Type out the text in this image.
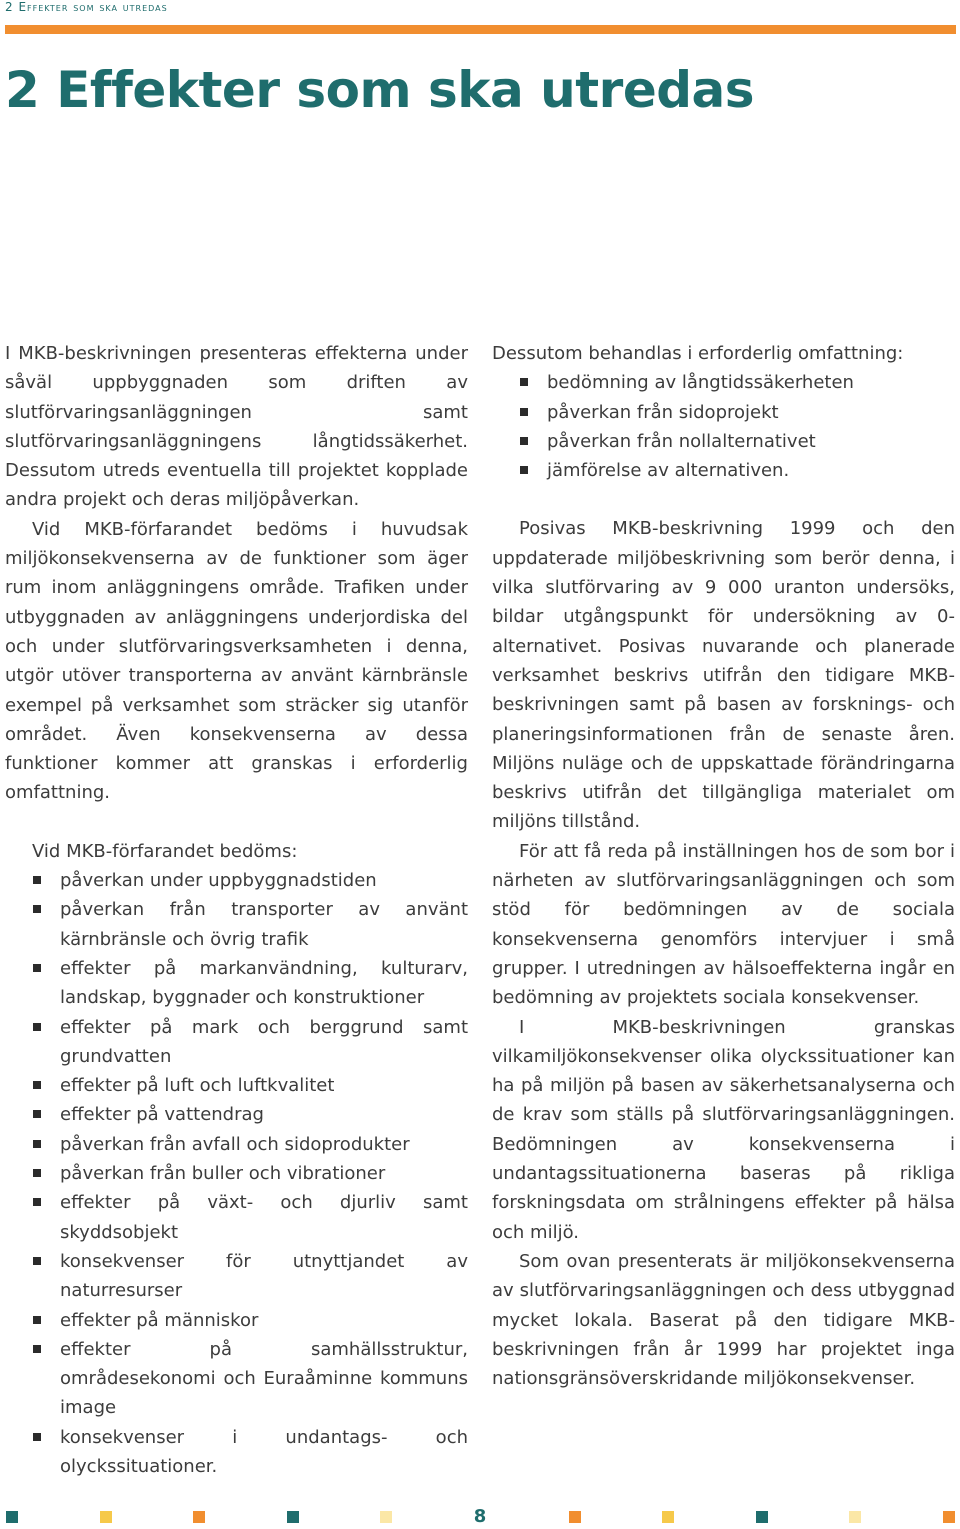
2 Effekter som ska utredas
2 Effekter som ska utredas

I MKB-beskrivningen presenteras effekterna under såväl uppbyggnaden som driften av slutförvaringsanläggningen samt slutförvaringsanläggningens långtidssäkerhet. Dessutom utreds eventuella till projektet kopplade andra projekt och deras miljöpåverkan.

Vid MKB-förfarandet bedöms i huvudsak miljökonsekvenserna av de funktioner som äger rum inom anläggningens område. Trafiken under utbyggnaden av anläggningens underjordiska del och under slutförvaringsverksamheten i denna, utgör utöver transporterna av använt kärnbränsle exempel på verksamhet som sträcker sig utanför området. Även konsekvenserna av dessa funktioner kommer att granskas i erforderlig omfattning.

Vid MKB-förfarandet bedöms:

påverkan under uppbyggnadstiden
påverkan från transporter av använt kärnbränsle och övrig trafik
effekter på markanvändning, kulturarv, landskap, byggnader och konstruktioner
effekter på mark och berggrund samt grundvatten
effekter på luft och luftkvalitet
effekter på vattendrag
påverkan från avfall och sidoprodukter
påverkan från buller och vibrationer
effekter på växt- och djurliv samt skyddsobjekt
konsekvenser för utnyttjandet av naturresurser
effekter på människor
effekter på samhällsstruktur, områdesekonomi och Euraåminne kommuns image
konsekvenser i undantags- och olyckssituationer.

Dessutom behandlas i erforderlig omfattning:

bedömning av långtidssäkerheten
påverkan från sidoprojekt
påverkan från nollalternativet
jämförelse av alternativen.

Posivas MKB-beskrivning 1999 och den uppdaterade miljöbeskrivning som berör denna, i vilka slutförvaring av 9 000 uranton undersöks, bildar utgångspunkt för undersökning av 0-alternativet. Posivas nuvarande och planerade verksamhet beskrivs utifrån den tidigare MKB-beskrivningen samt på basen av forsknings- och planeringsinformationen från de senaste åren. Miljöns nuläge och de uppskattade förändringarna beskrivs utifrån det tillgängliga materialet om miljöns tillstånd.

För att få reda på inställningen hos de som bor i närheten av slutförvaringsanläggningen och som stöd för bedömningen av de sociala konsekvenserna genomförs intervjuer i små grupper. I utredningen av hälsoeffekterna ingår en bedömning av projektets sociala konsekvenser.

I MKB-beskrivningen granskas vilkamiljökonsekvenser olika olyckssituationer kan ha på miljön på basen av säkerhetsanalyserna och de krav som ställs på slutförvaringsanläggningen. Bedömningen av konsekvenserna i undantagssituationerna baseras på rikliga forskningsdata om strålningens effekter på hälsa och miljö.

Som ovan presenterats är miljökonsekvenserna av slutförvaringsanläggningen och dess utbyggnad mycket lokala. Baserat på den tidigare MKB-beskrivningen från år 1999 har projektet inga nationsgränsöverskridande miljökonsekvenser.

8
